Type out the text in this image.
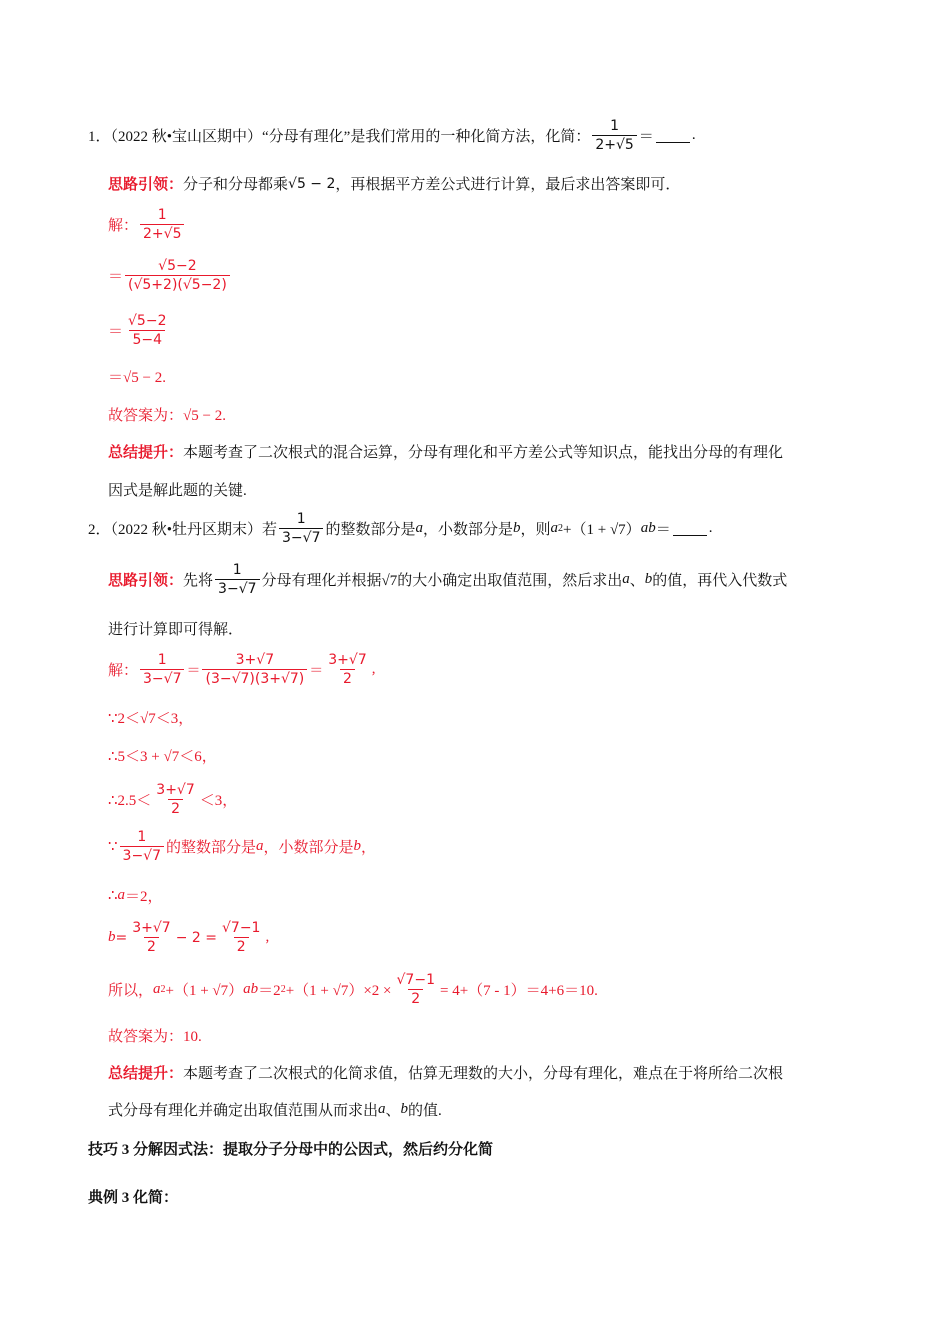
1．（2022 秋•宝山区期中）“分母有理化”是我们常用的一种化简方法，化简： $\frac{1}{2+√5}$ ＝	.
思路引领： 分子和分母都乘 √5 − 2 ，再根据平方差公式进行计算，最后求出答案即可．
解： $\frac{1}{2+√5}$
＝ $\frac{√5-2}{(√5+2)(√5-2)}$
＝ $\frac{√5-2}{5-4}$
＝√5 − 2.
故答案为：√5 − 2.
总结提升： 本题考查了二次根式的混合运算，分母有理化和平方差公式等知识点，能找出分母的有理化
因式是解此题的关键.
2．（2022 秋•牡丹区期末）若 $\frac{1}{3-√7}$ 的整数部分是 a ，小数部分是 b ，则 a 2 +（1 + √7） ab ＝	.
思路引领： 先将 $\frac{1}{3-√7}$ 分母有理化并根据√7的大小确定出取值范围，然后求出 a 、 b 的值，再代入代数式
进行计算即可得解．
解： $\frac{1}{3-√7} = \frac{3+√7}{(3-√7)(3+√7)} = \frac{3+√7}{2}$ ,
∵2＜√7＜3，
∴5＜3 + √7＜6，
∴2.5＜ $\frac{3+√7}{2} <3$，
∵ $\frac{1}{3-√7}$ 的整数部分是 a ，小数部分是 b ，
∴ a ＝2，
$b = \frac{3+√7}{2} - 2 = \frac{√7-1}{2}$ ,
所以， a 2 +（1 + √7） ab ＝2 $2 +(1 + √7)\times 2 \times \frac{√7-1}{2} = 4+(7 - 1)=4+6=10$.
故答案为：10.
总结提升： 本题考查了二次根式的化简求值，估算无理数的大小，分母有理化，难点在于将所给二次根
式分母有理化并确定出取值范围从而求出 a 、 b 的值.
技巧 3 分解因式法：提取分子分母中的公因式，然后约分化简
典例 3 化简：
